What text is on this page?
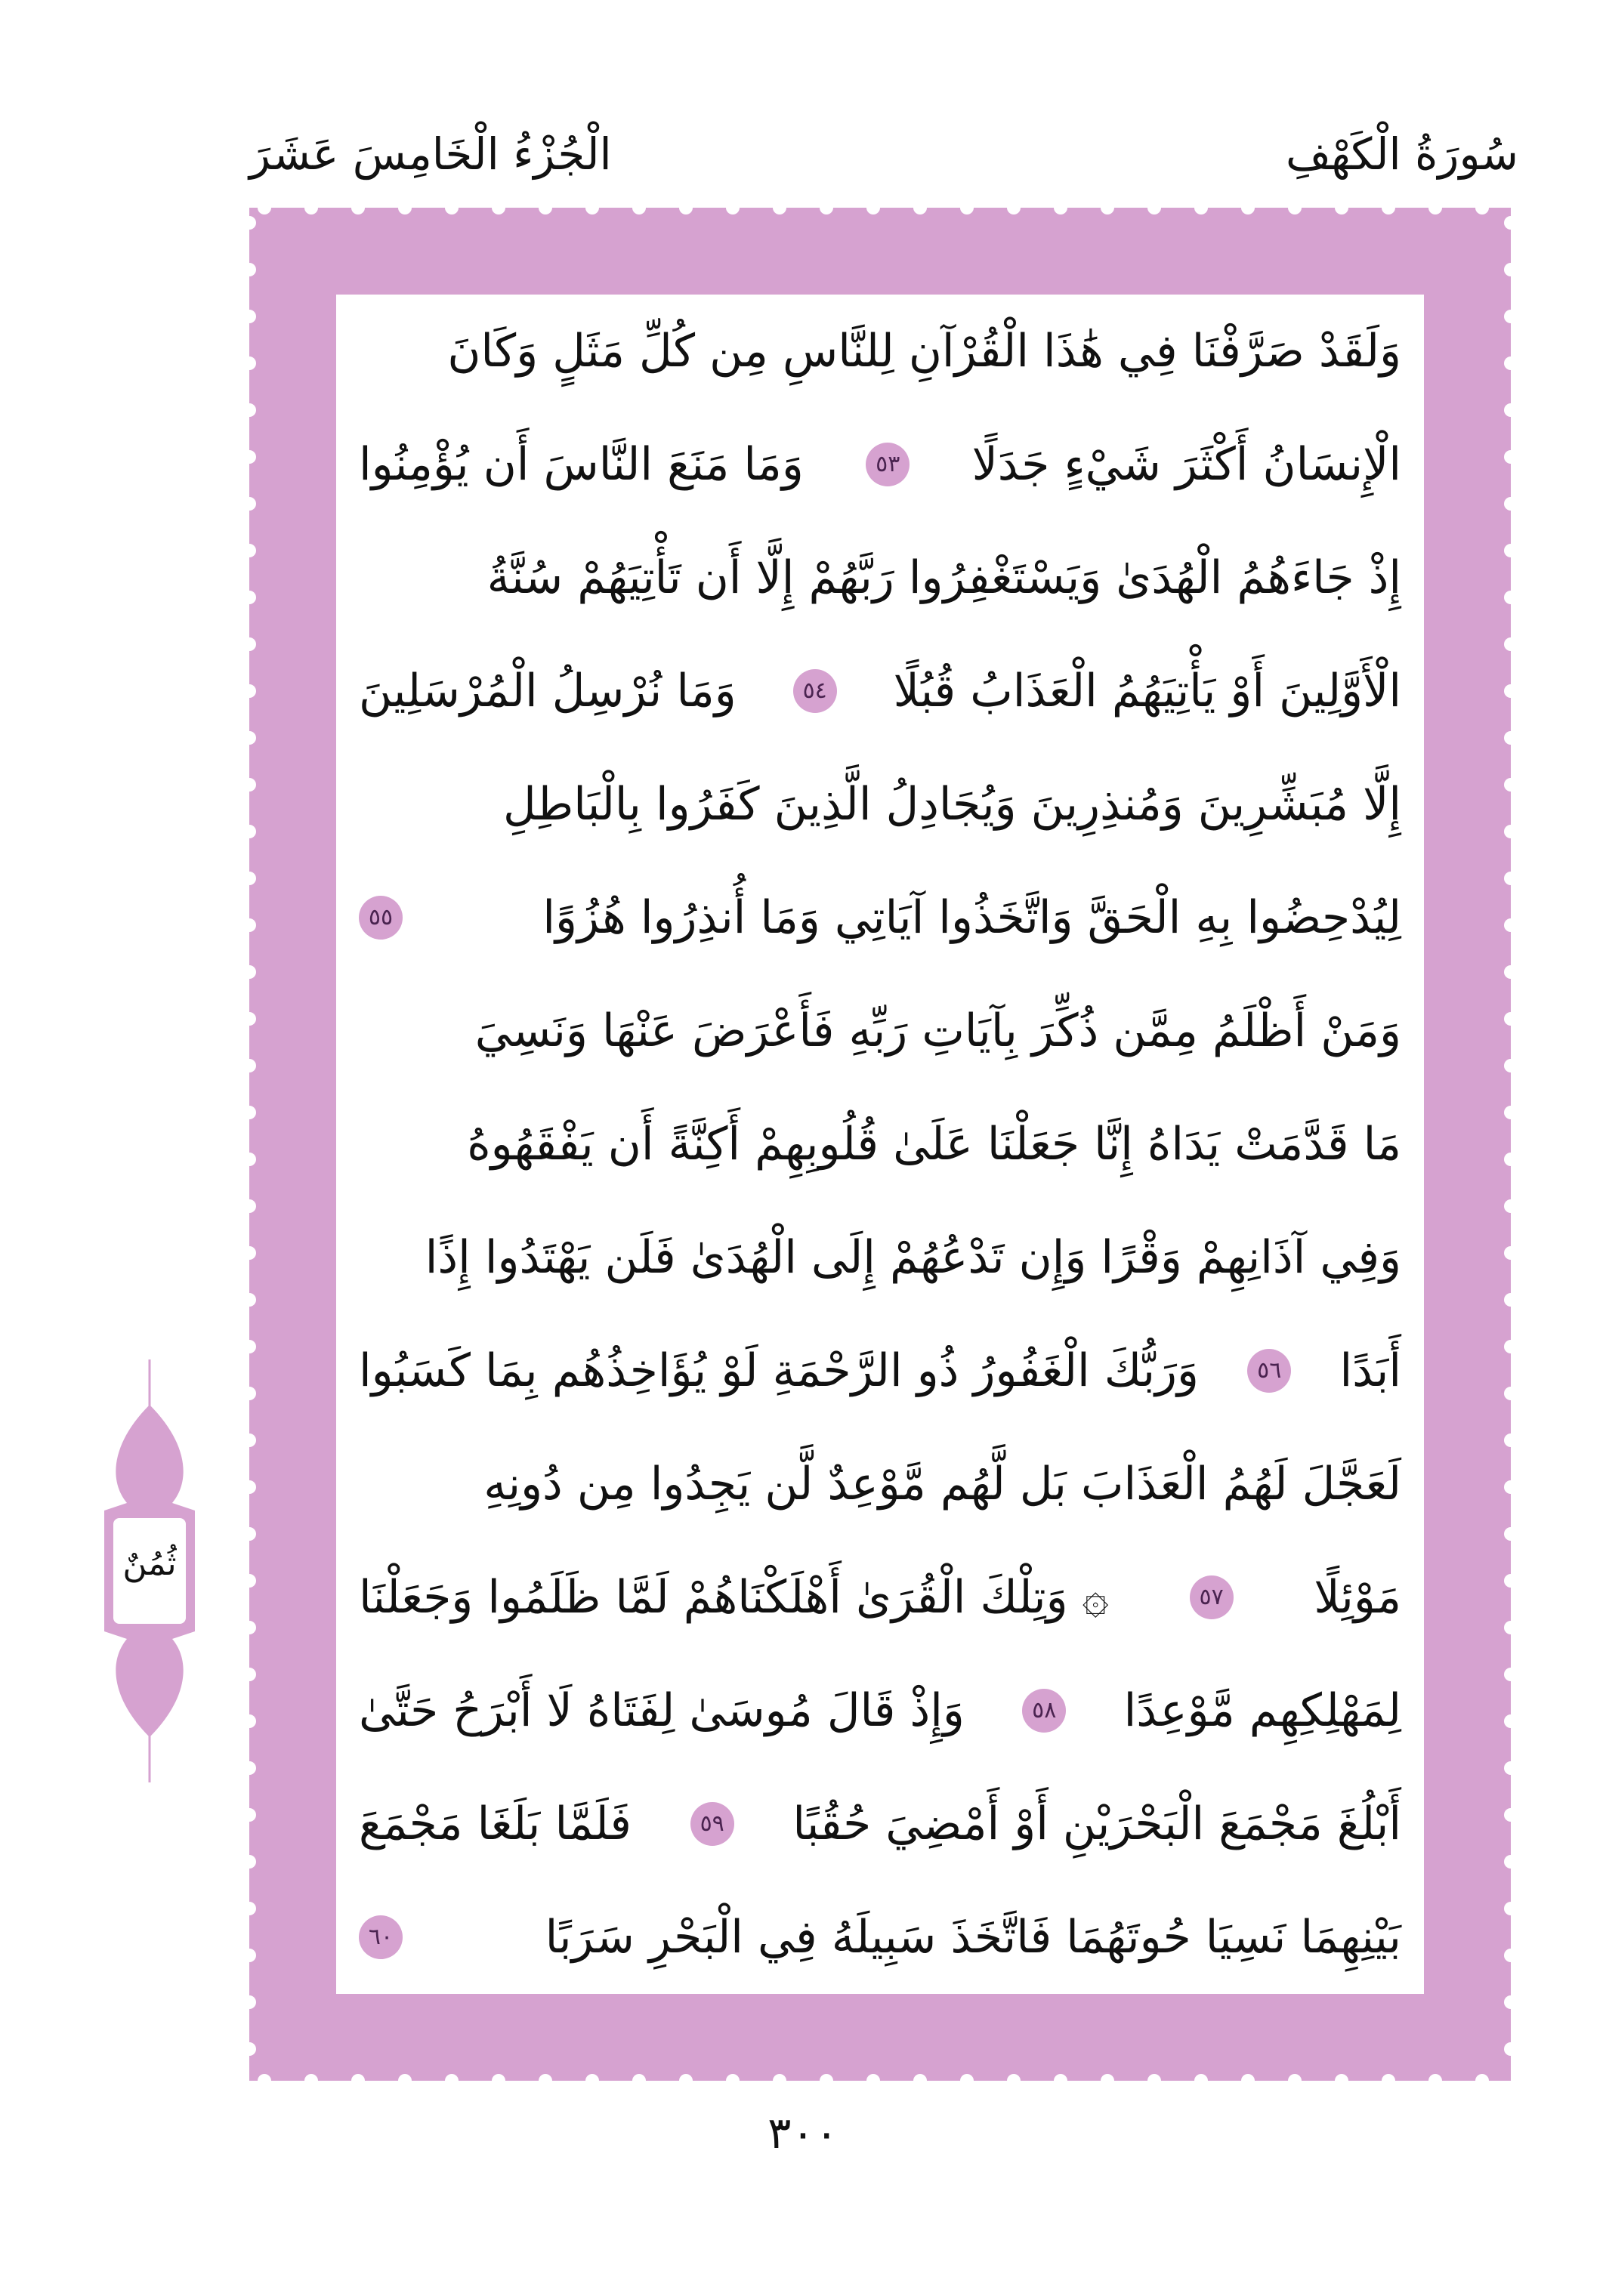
سُورَةُ الْكَهْفِ
الْجُزْءُ الْخَامِسَ عَشَرَ
وَلَقَدْ صَرَّفْنَا فِي هَٰذَا الْقُرْآنِ لِلنَّاسِ مِن كُلِّ مَثَلٍ وَكَانَ
الْإِنسَانُ أَكْثَرَ شَيْءٍ جَدَلًا
٥٣
وَمَا مَنَعَ النَّاسَ أَن يُؤْمِنُوا
إِذْ جَاءَهُمُ الْهُدَىٰ وَيَسْتَغْفِرُوا رَبَّهُمْ إِلَّا أَن تَأْتِيَهُمْ سُنَّةُ
الْأَوَّلِينَ أَوْ يَأْتِيَهُمُ الْعَذَابُ قُبُلًا
٥٤
وَمَا نُرْسِلُ الْمُرْسَلِينَ
إِلَّا مُبَشِّرِينَ وَمُنذِرِينَ وَيُجَادِلُ الَّذِينَ كَفَرُوا بِالْبَاطِلِ
لِيُدْحِضُوا بِهِ الْحَقَّ وَاتَّخَذُوا آيَاتِي وَمَا أُنذِرُوا هُزُوًا
٥٥
وَمَنْ أَظْلَمُ مِمَّن ذُكِّرَ بِآيَاتِ رَبِّهِ فَأَعْرَضَ عَنْهَا وَنَسِيَ
مَا قَدَّمَتْ يَدَاهُ إِنَّا جَعَلْنَا عَلَىٰ قُلُوبِهِمْ أَكِنَّةً أَن يَفْقَهُوهُ
وَفِي آذَانِهِمْ وَقْرًا وَإِن تَدْعُهُمْ إِلَى الْهُدَىٰ فَلَن يَهْتَدُوا إِذًا
أَبَدًا
٥٦
وَرَبُّكَ الْغَفُورُ ذُو الرَّحْمَةِ لَوْ يُؤَاخِذُهُم بِمَا كَسَبُوا
لَعَجَّلَ لَهُمُ الْعَذَابَ بَل لَّهُم مَّوْعِدٌ لَّن يَجِدُوا مِن دُونِهِ
مَوْئِلًا
٥٧
۞ وَتِلْكَ الْقُرَىٰ أَهْلَكْنَاهُمْ لَمَّا ظَلَمُوا وَجَعَلْنَا
لِمَهْلِكِهِم مَّوْعِدًا
٥٨
وَإِذْ قَالَ مُوسَىٰ لِفَتَاهُ لَا أَبْرَحُ حَتَّىٰ
أَبْلُغَ مَجْمَعَ الْبَحْرَيْنِ أَوْ أَمْضِيَ حُقُبًا
٥٩
فَلَمَّا بَلَغَا مَجْمَعَ
بَيْنِهِمَا نَسِيَا حُوتَهُمَا فَاتَّخَذَ سَبِيلَهُ فِي الْبَحْرِ سَرَبًا
٦٠
ثُمُنٌ
٣٠٠
